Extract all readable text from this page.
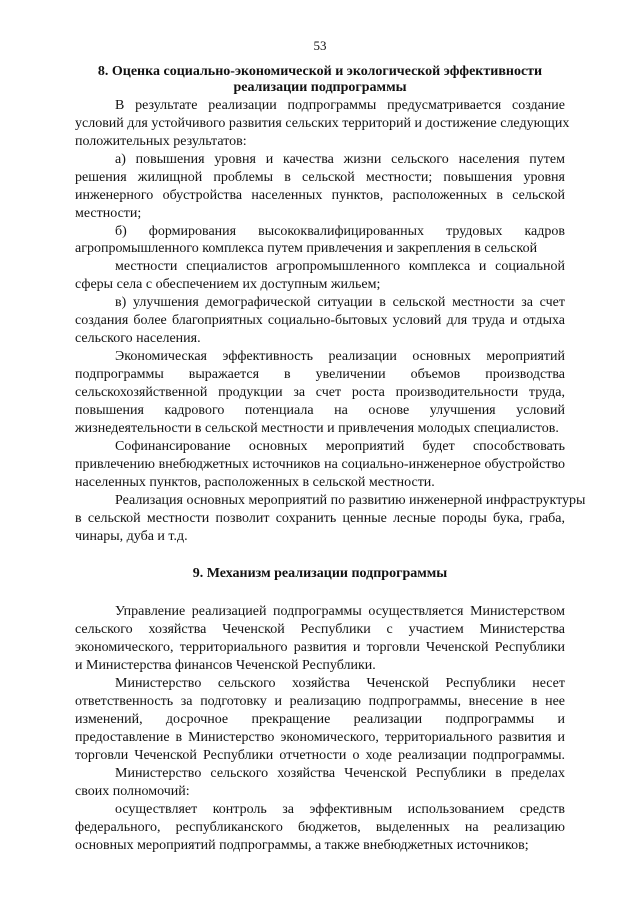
53
8. Оценка социально-экономической и экологической эффективности
реализации подпрограммы
В результате реализации подпрограммы предусматривается создание
условий для устойчивого развития сельских территорий и достижение следующих
положительных результатов:
а) повышения уровня и качества жизни сельского населения путем
решения жилищной проблемы в сельской местности; повышения уровня
инженерного обустройства населенных пунктов, расположенных в сельской
местности;
б) формирования высококвалифицированных трудовых кадров
агропромышленного комплекса путем привлечения и закрепления в сельской
местности специалистов агропромышленного комплекса и социальной
сферы села с обеспечением их доступным жильем;
в) улучшения демографической ситуации в сельской местности за счет
создания более благоприятных социально-бытовых условий для труда и отдыха
сельского населения.
Экономическая эффективность реализации основных мероприятий
подпрограммы выражается в увеличении объемов производства
сельскохозяйственной продукции за счет роста производительности труда,
повышения кадрового потенциала на основе улучшения условий
жизнедеятельности в сельской местности и привлечения молодых специалистов.
Софинансирование основных мероприятий будет способствовать
привлечению внебюджетных источников на социально-инженерное обустройство
населенных пунктов, расположенных в сельской местности.
Реализация основных мероприятий по развитию инженерной инфраструктуры
в сельской местности позволит сохранить ценные лесные породы бука, граба,
чинары, дуба и т.д.
9. Механизм реализации подпрограммы
Управление реализацией подпрограммы осуществляется Министерством
сельского хозяйства Чеченской Республики с участием Министерства
экономического, территориального развития и торговли Чеченской Республики
и Министерства финансов Чеченской Республики.
Министерство сельского хозяйства Чеченской Республики несет
ответственность за подготовку и реализацию подпрограммы, внесение в нее
изменений, досрочное прекращение реализации подпрограммы и
предоставление в Министерство экономического, территориального развития и
торговли Чеченской Республики отчетности о ходе реализации подпрограммы.
Министерство сельского хозяйства Чеченской Республики в пределах
своих полномочий:
осуществляет контроль за эффективным использованием средств
федерального, республиканского бюджетов, выделенных на реализацию
основных мероприятий подпрограммы, а также внебюджетных источников;
